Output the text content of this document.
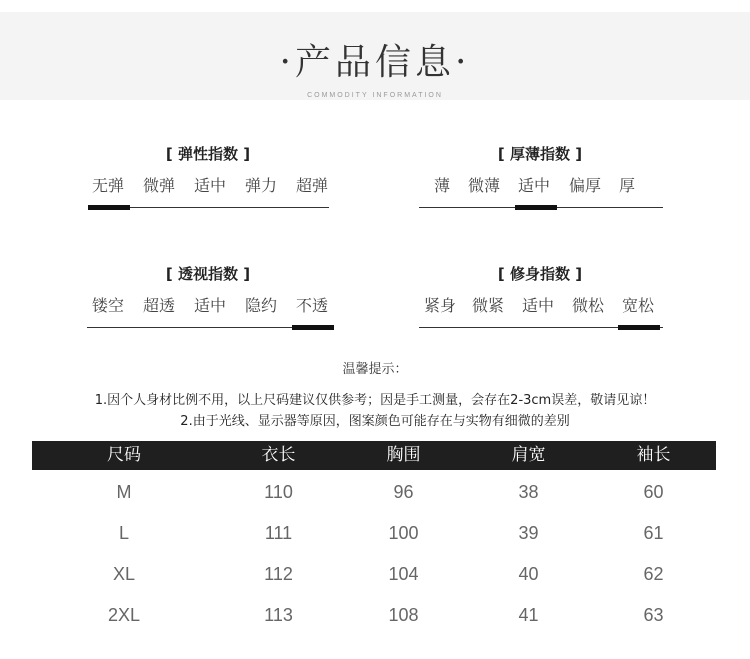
·产品信息·
COMMODITY INFORMATION
[ 弹性指数 ]
无弹	微弹	适中	弹力	超弹
[ 厚薄指数 ]
薄	微薄	适中	偏厚	厚
[ 透视指数 ]
镂空	超透	适中	隐约	不透
[ 修身指数 ]
紧身 微紧	适中	微松	宽松
温馨提示：
1.因个人身材比例不用，以上尺码建议仅供参考；因是手工测量，会存在2-3cm误差，敬请见谅！
2.由于光线、显示器等原因，图案颜色可能存在与实物有细微的差别
尺码	衣长	胸围	肩宽	袖长
M	110	96	38	60
L	111	100	39	61
XL	112	104	40	62
2XL	113	108	41	63
